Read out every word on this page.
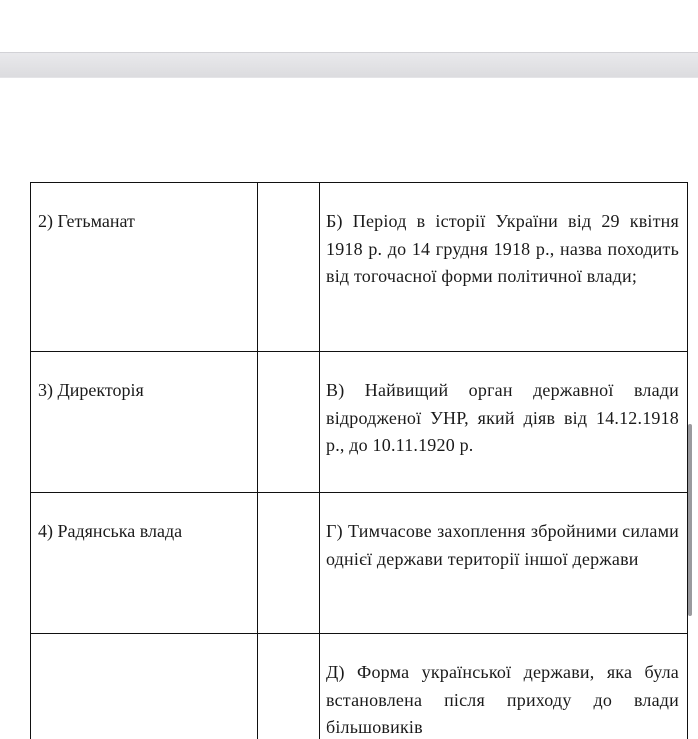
2) Гетьманат		Б) Період в історії України від 29 квітня 1918 р. до 14 грудня 1918 р., назва походить від тогочасної форми політичної влади;
3) Директорія		В) Найвищий орган державної влади відродженої УНР, який діяв від 14.12.1918 р., до 10.11.1920 р.
4) Радянська влада		Г) Тимчасове захоплення збройними силами однієї держави території іншої держави
		Д) Форма української держави, яка була встановлена після приходу до влади більшовиків
